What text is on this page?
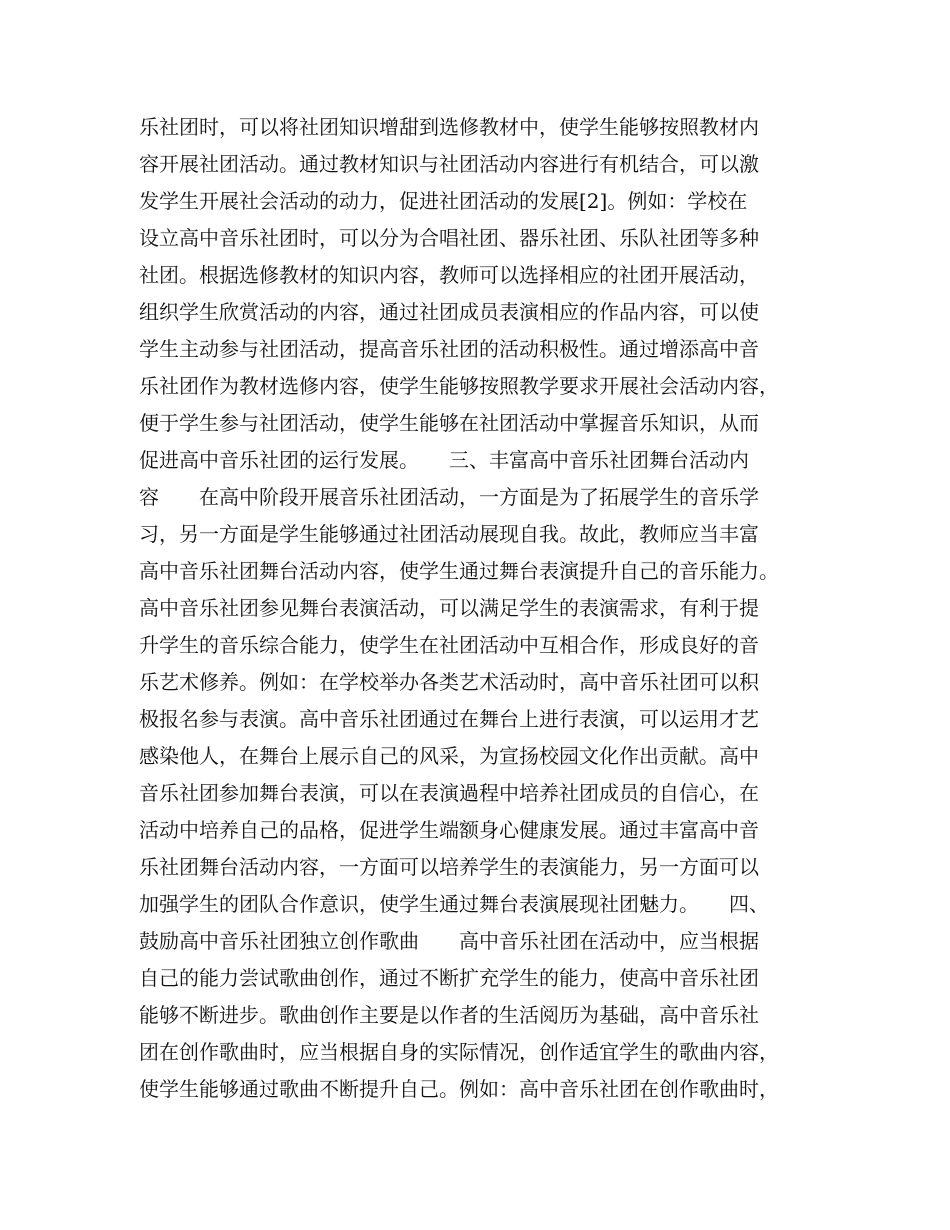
乐社团时，可以将社团知识增甜到选修教材中，使学生能够按照教材内
容开展社团活动。通过教材知识与社团活动内容进行有机结合，可以激
发学生开展社会活动的动力，促进社团活动的发展[2]。例如：学校在
设立高中音乐社团时，可以分为合唱社团、器乐社团、乐队社团等多种
社团。根据选修教材的知识内容，教师可以选择相应的社团开展活动，
组织学生欣赏活动的内容，通过社团成员表演相应的作品内容，可以使
学生主动参与社团活动，提高音乐社团的活动积极性。通过增添高中音
乐社团作为教材选修内容，使学生能够按照教学要求开展社会活动内容，
便于学生参与社团活动，使学生能够在社团活动中掌握音乐知识，从而
促进高中音乐社团的运行发展。　　三、丰富高中音乐社团舞台活动内
容　　在高中阶段开展音乐社团活动，一方面是为了拓展学生的音乐学
习，另一方面是学生能够通过社团活动展现自我。故此，教师应当丰富
高中音乐社团舞台活动内容，使学生通过舞台表演提升自己的音乐能力。
高中音乐社团参见舞台表演活动，可以满足学生的表演需求，有利于提
升学生的音乐综合能力，使学生在社团活动中互相合作，形成良好的音
乐艺术修养。例如：在学校举办各类艺术活动时，高中音乐社团可以积
极报名参与表演。高中音乐社团通过在舞台上进行表演，可以运用才艺
感染他人，在舞台上展示自己的风采，为宣扬校园文化作出贡献。高中
音乐社团参加舞台表演，可以在表演過程中培养社团成员的自信心，在
活动中培养自己的品格，促进学生端额身心健康发展。通过丰富高中音
乐社团舞台活动内容，一方面可以培养学生的表演能力，另一方面可以
加强学生的团队合作意识，使学生通过舞台表演展现社团魅力。　　四、
鼓励高中音乐社团独立创作歌曲　　高中音乐社团在活动中，应当根据
自己的能力尝试歌曲创作，通过不断扩充学生的能力，使高中音乐社团
能够不断进步。歌曲创作主要是以作者的生活阅历为基础，高中音乐社
团在创作歌曲时，应当根据自身的实际情况，创作适宜学生的歌曲内容，
使学生能够通过歌曲不断提升自己。例如：高中音乐社团在创作歌曲时，
